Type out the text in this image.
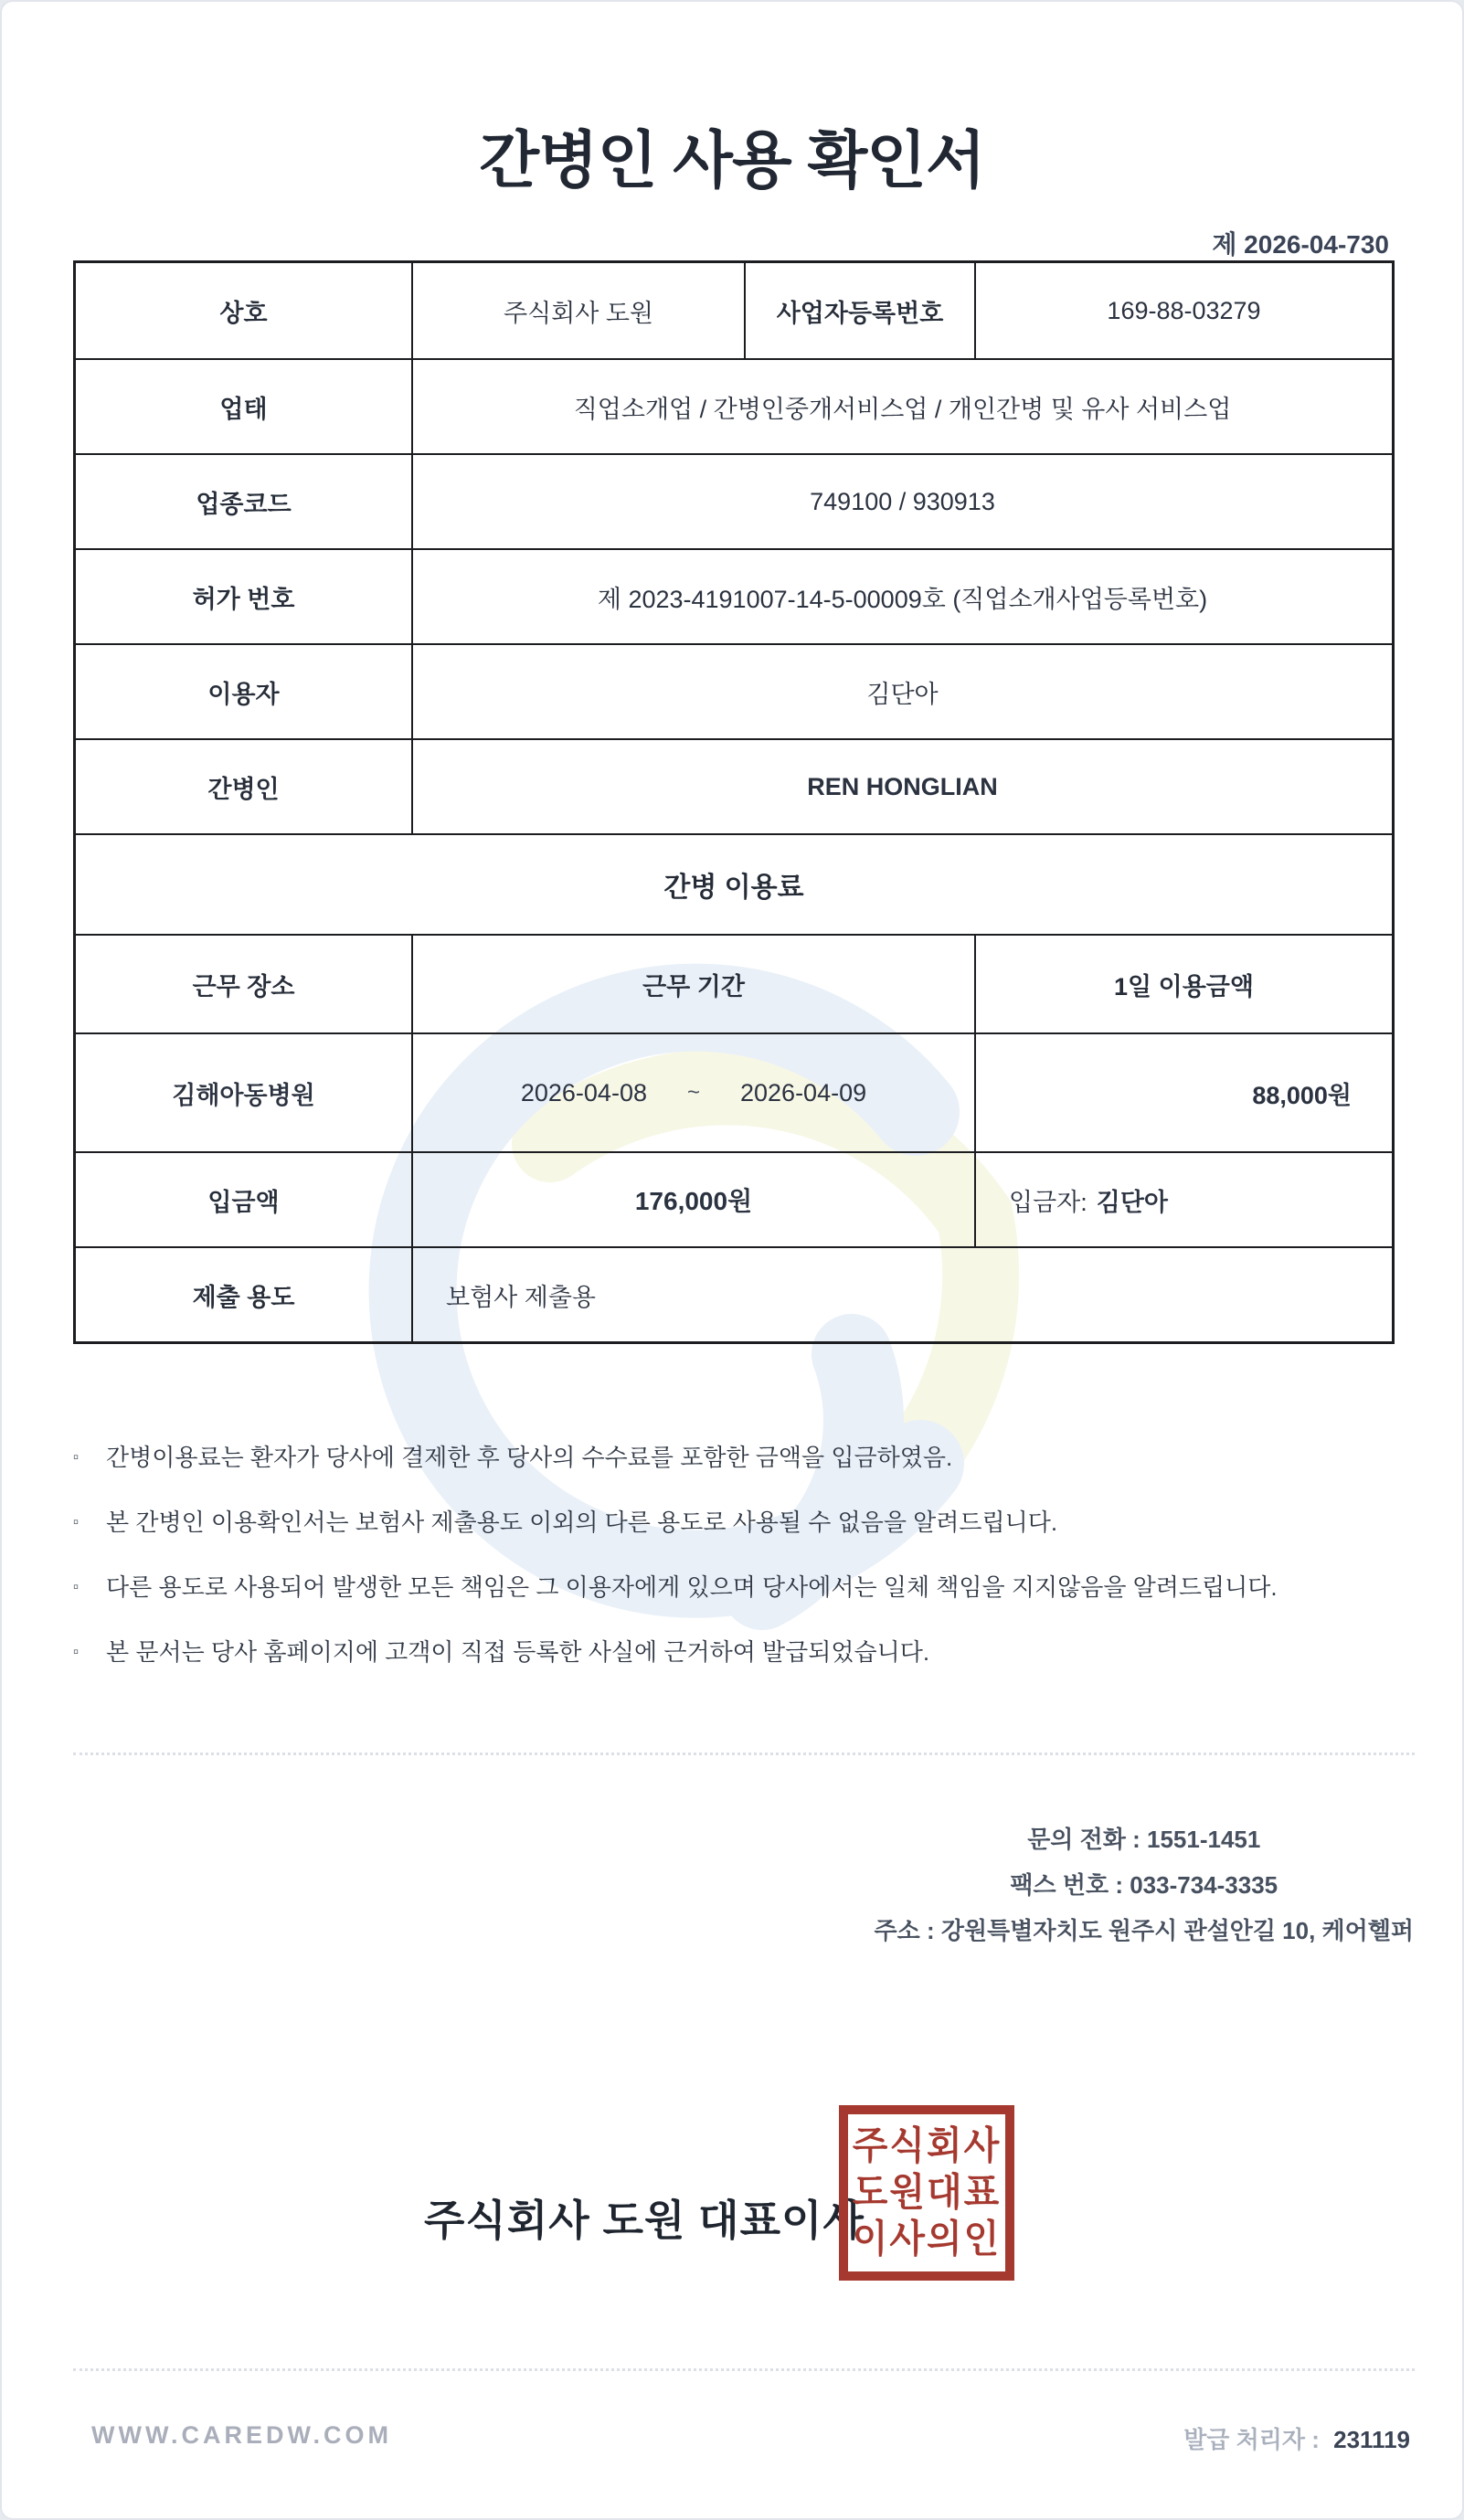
간병인 사용 확인서
제 2026-04-730
상호	주식회사 도원	사업자등록번호	169-88-03279
업태	직업소개업 / 간병인중개서비스업 / 개인간병 및 유사 서비스업
업종코드	749100 / 930913
허가 번호	제 2023-4191007-14-5-00009호 (직업소개사업등록번호)
이용자	김단아
간병인	REN HONGLIAN
간병 이용료
근무 장소	근무 기간	1일 이용금액
김해아동병원	2026-04-08 ~ 2026-04-09	88,000원
입금액	176,000원	입금자: 김단아
제출 용도	보험사 제출용
▫	간병이용료는 환자가 당사에 결제한 후 당사의 수수료를 포함한 금액을 입금하였음.
▫	본 간병인 이용확인서는 보험사 제출용도 이외의 다른 용도로 사용될 수 없음을 알려드립니다.
▫	다른 용도로 사용되어 발생한 모든 책임은 그 이용자에게 있으며 당사에서는 일체 책임을 지지않음을 알려드립니다.
▫	본 문서는 당사 홈페이지에 고객이 직접 등록한 사실에 근거하여 발급되었습니다.
문의 전화 : 1551-1451
팩스 번호 : 033-734-3335
주소 : 강원특별자치도 원주시 관설안길 10, 케어헬퍼
주식회사 도원 대표이사
주식회사
도원대표
이사의인
WWW.CAREDW.COM	발급 처리자 : 231119
